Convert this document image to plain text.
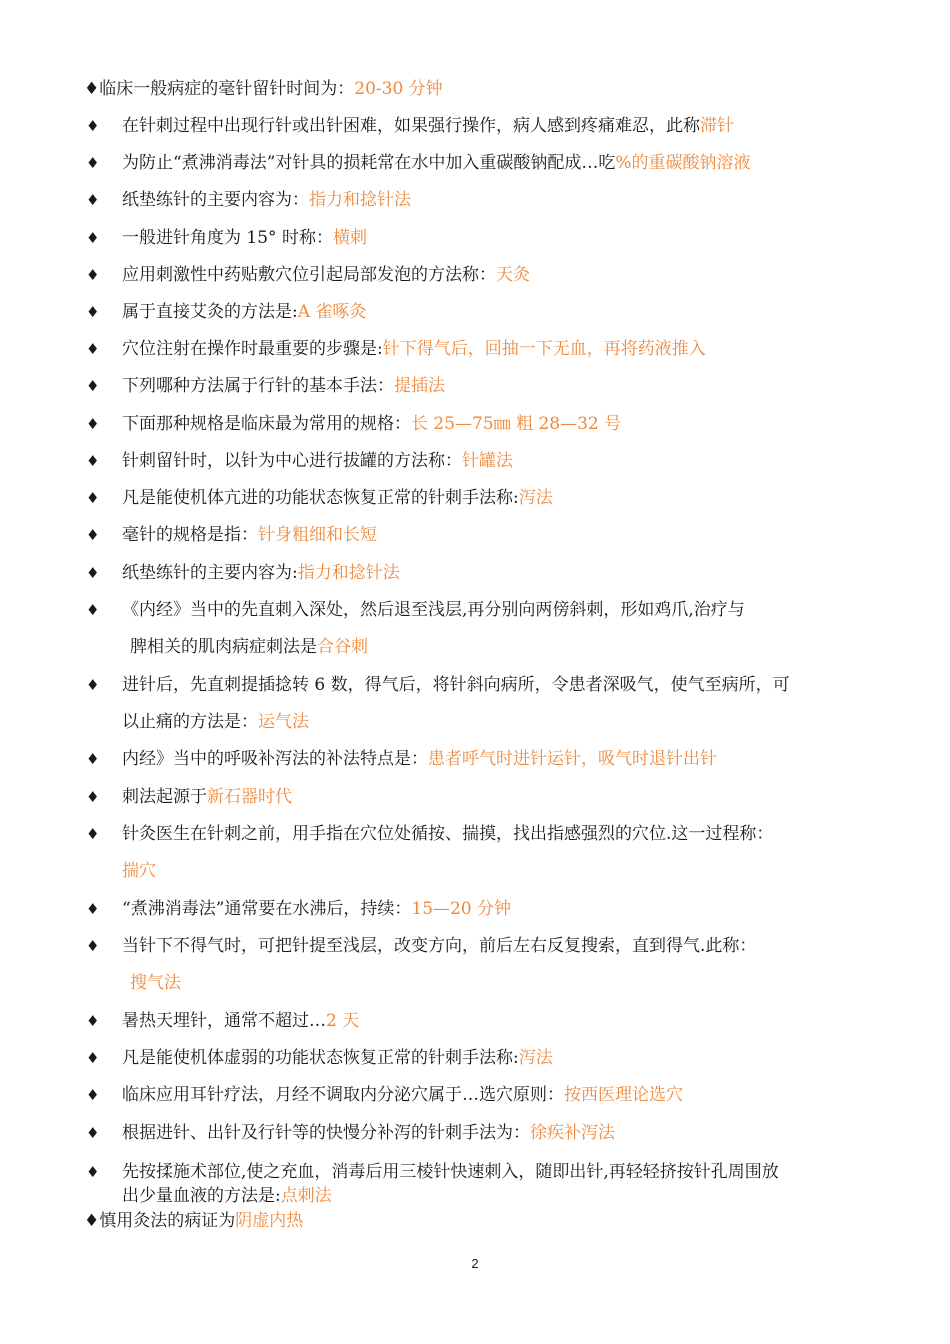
♦临床一般病症的毫针留针时间为：20-30 分钟
♦ 在针刺过程中出现行针或出针困难，如果强行操作，病人感到疼痛难忍，此称滞针
♦ 为防止“煮沸消毒法”对针具的损耗常在水中加入重碳酸钠配成…吃%的重碳酸钠溶液
♦ 纸垫练针的主要内容为：指力和捻针法
♦ 一般进针角度为 15° 时称：横刺
♦ 应用刺激性中药贴敷穴位引起局部发泡的方法称：天灸
♦ 属于直接艾灸的方法是:A 雀啄灸
♦ 穴位注射在操作时最重要的步骤是:针下得气后，回抽一下无血，再将药液推入
♦ 下列哪种方法属于行针的基本手法：提插法
♦ 下面那种规格是临床最为常用的规格：长 25—75㎜ 粗 28—32 号
♦ 针刺留针时，以针为中心进行拔罐的方法称：针罐法
♦ 凡是能使机体亢进的功能状态恢复正常的针刺手法称:泻法
♦ 毫针的规格是指：针身粗细和长短
♦ 纸垫练针的主要内容为:指力和捻针法
♦ 《内经》当中的先直刺入深处，然后退至浅层,再分别向两傍斜刺，形如鸡爪,治疗与
脾相关的肌肉病症刺法是合谷刺
♦ 进针后，先直刺提插捻转 6 数，得气后，将针斜向病所，令患者深吸气，使气至病所，可
以止痛的方法是：运气法
♦ 内经》当中的呼吸补泻法的补法特点是：患者呼气时进针运针，吸气时退针出针
♦ 刺法起源于新石器时代
♦ 针灸医生在针刺之前，用手指在穴位处循按、揣摸，找出指感强烈的穴位.这一过程称：
揣穴
♦ “煮沸消毒法”通常要在水沸后，持续：15—20 分钟
♦ 当针下不得气时，可把针提至浅层，改变方向，前后左右反复搜索，直到得气.此称：
搜气法
♦ 暑热天埋针，通常不超过…2 天
♦ 凡是能使机体虚弱的功能状态恢复正常的针刺手法称:泻法
♦ 临床应用耳针疗法，月经不调取内分泌穴属于…选穴原则：按西医理论选穴
♦ 根据进针、出针及行针等的快慢分补泻的针刺手法为：徐疾补泻法
♦ 先按揉施术部位,使之充血，消毒后用三棱针快速刺入，随即出针,再轻轻挤按针孔周围放
出少量血液的方法是:点刺法
♦慎用灸法的病证为阴虚内热
2
